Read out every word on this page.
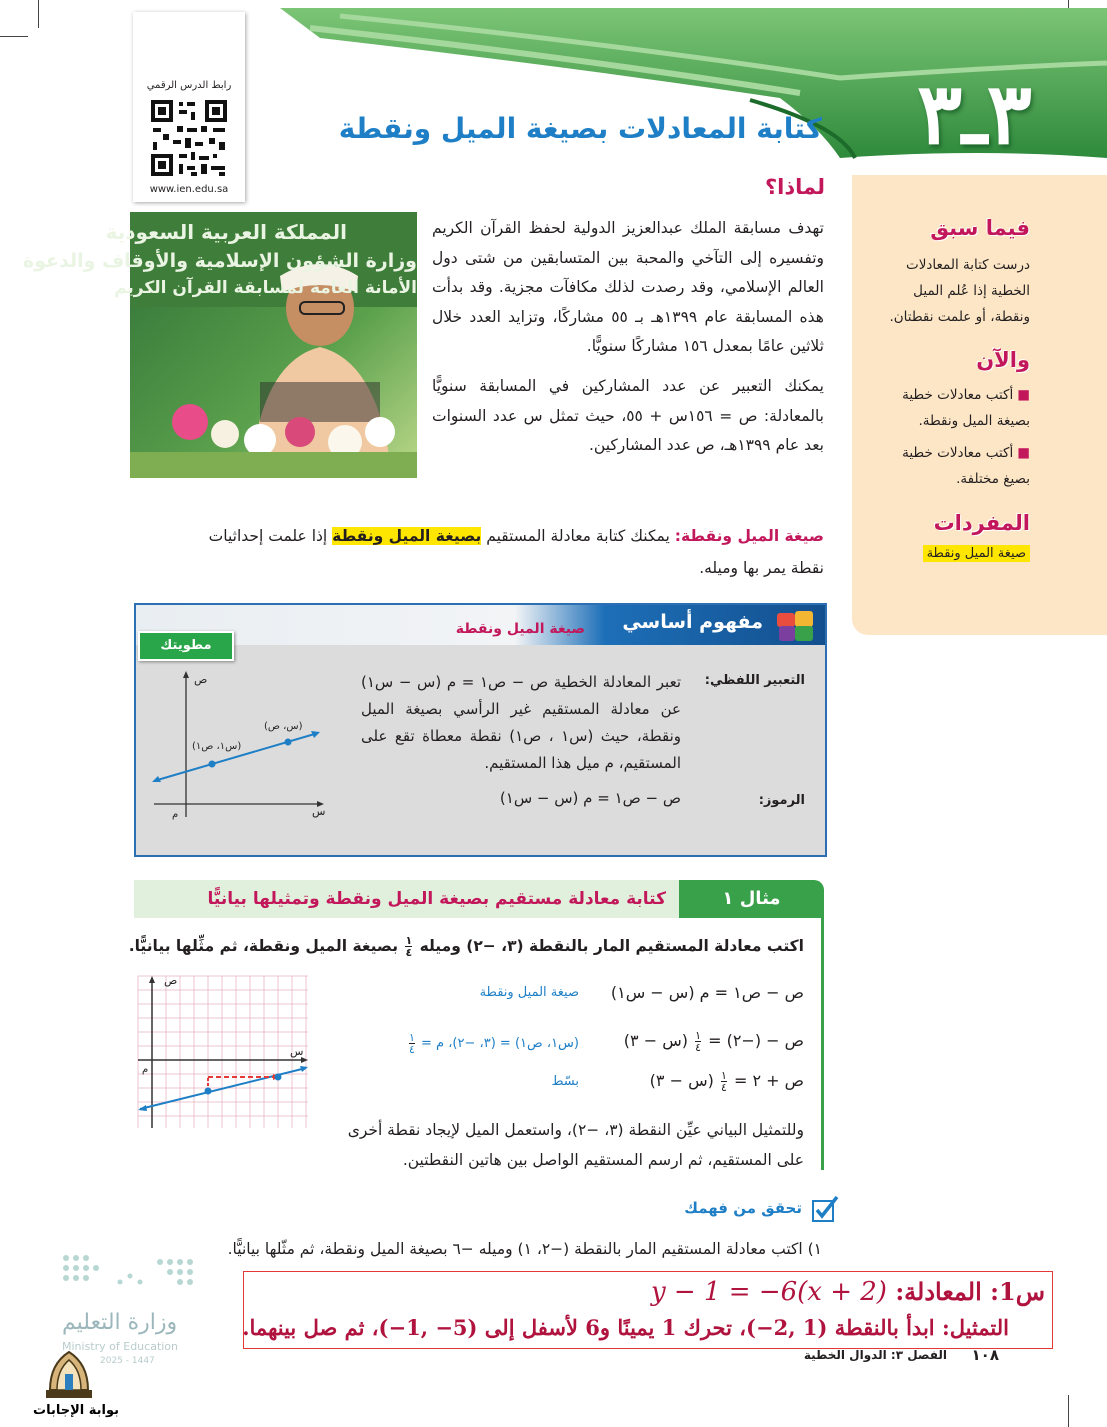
٣ـ٣
كتابة المعادلات بصيغة الميل ونقطة
رابط الدرس الرقمي
www.ien.edu.sa
فيما سبق
درست كتابة المعادلات الخطية إذا عُلم الميل ونقطة، أو علمت نقطتان.
والآن
■أكتب معادلات خطية بصيغة الميل ونقطة.
■أكتب معادلات خطية بصيغ مختلفة.
المفردات
صيغة الميل ونقطة
لماذا؟
المملكة العربية السعودية
وزارة الشؤون الإسلامية والأوقاف والدعوة
الأمانة العامة لمسابقة القرآن الكريم
تهدف مسابقة الملك عبدالعزيز الدولية لحفظ القرآن الكريم وتفسيره إلى التآخي والمحبة بين المتسابقين من شتى دول العالم الإسلامي، وقد رصدت لذلك مكافآت مجزية. وقد بدأت هذه المسابقة عام ١٣٩٩هـ بـ ٥٥ مشاركًا، وتزايد العدد خلال ثلاثين عامًا بمعدل ١٥٦ مشاركًا سنويًّا.
يمكنك التعبير عن عدد المشاركين في المسابقة سنويًّا بالمعادلة: ص = ١٥٦س + ٥٥، حيث تمثل س عدد السنوات بعد عام ١٣٩٩هـ، ص عدد المشاركين.
صيغة الميل ونقطة: يمكنك كتابة معادلة المستقيم بصيغة الميل ونقطة إذا علمت إحداثيات نقطة يمر بها وميله.
مفهوم أساسي
صيغة الميل ونقطة
مطويتك
التعبير اللفظي:
تعبر المعادلة الخطية ص − ص١ = م (س − س١) عن معادلة المستقيم غير الرأسي بصيغة الميل ونقطة، حيث (س١ ، ص١) نقطة معطاة تقع على المستقيم، م ميل هذا المستقيم.
الرموز:
ص − ص١ = م (س − س١)
(س١، ص١)
(س، ص)
ص
س
م
مثال ١
كتابة معادلة مستقيم بصيغة الميل ونقطة وتمثيلها بيانيًّا
اكتب معادلة المستقيم المار بالنقطة (٣، −٢) وميله
$\frac{١}{٤}$
بصيغة الميل ونقطة، ثم مثِّلها بيانيًّا.
ص − ص١ = م (س − س١)
صيغة الميل ونقطة
ص − (−٢) =
$\frac{١}{٤}$
(س − ٣)
(س١، ص١) = (٣، −٢)، م =
$\frac{١}{٤}$
ص + ٢ =
$\frac{١}{٤}$
(س − ٣)
بسّط
ص
س
م
وللتمثيل البياني عيِّن النقطة (٣، −٢)، واستعمل الميل لإيجاد نقطة أخرى على المستقيم، ثم ارسم المستقيم الواصل بين هاتين النقطتين.
تحقق من فهمك
١) اكتب معادلة المستقيم المار بالنقطة (−٢، ١) وميله −٦ بصيغة الميل ونقطة، ثم مثّلها بيانيًّا.
س1: المعادلة: y − 1 = −6(x + 2)
التمثيل: ابدأ بالنقطة (1 ,2−)، تحرك 1 يمينًا و6 لأسفل إلى (5− ,1−)، ثم صل بينهما.
١٠٨
الفصل ٣: الدوال الخطية
وزارة التعليم
Ministry of Education
2025 - 1447
بوابة الإجابات
